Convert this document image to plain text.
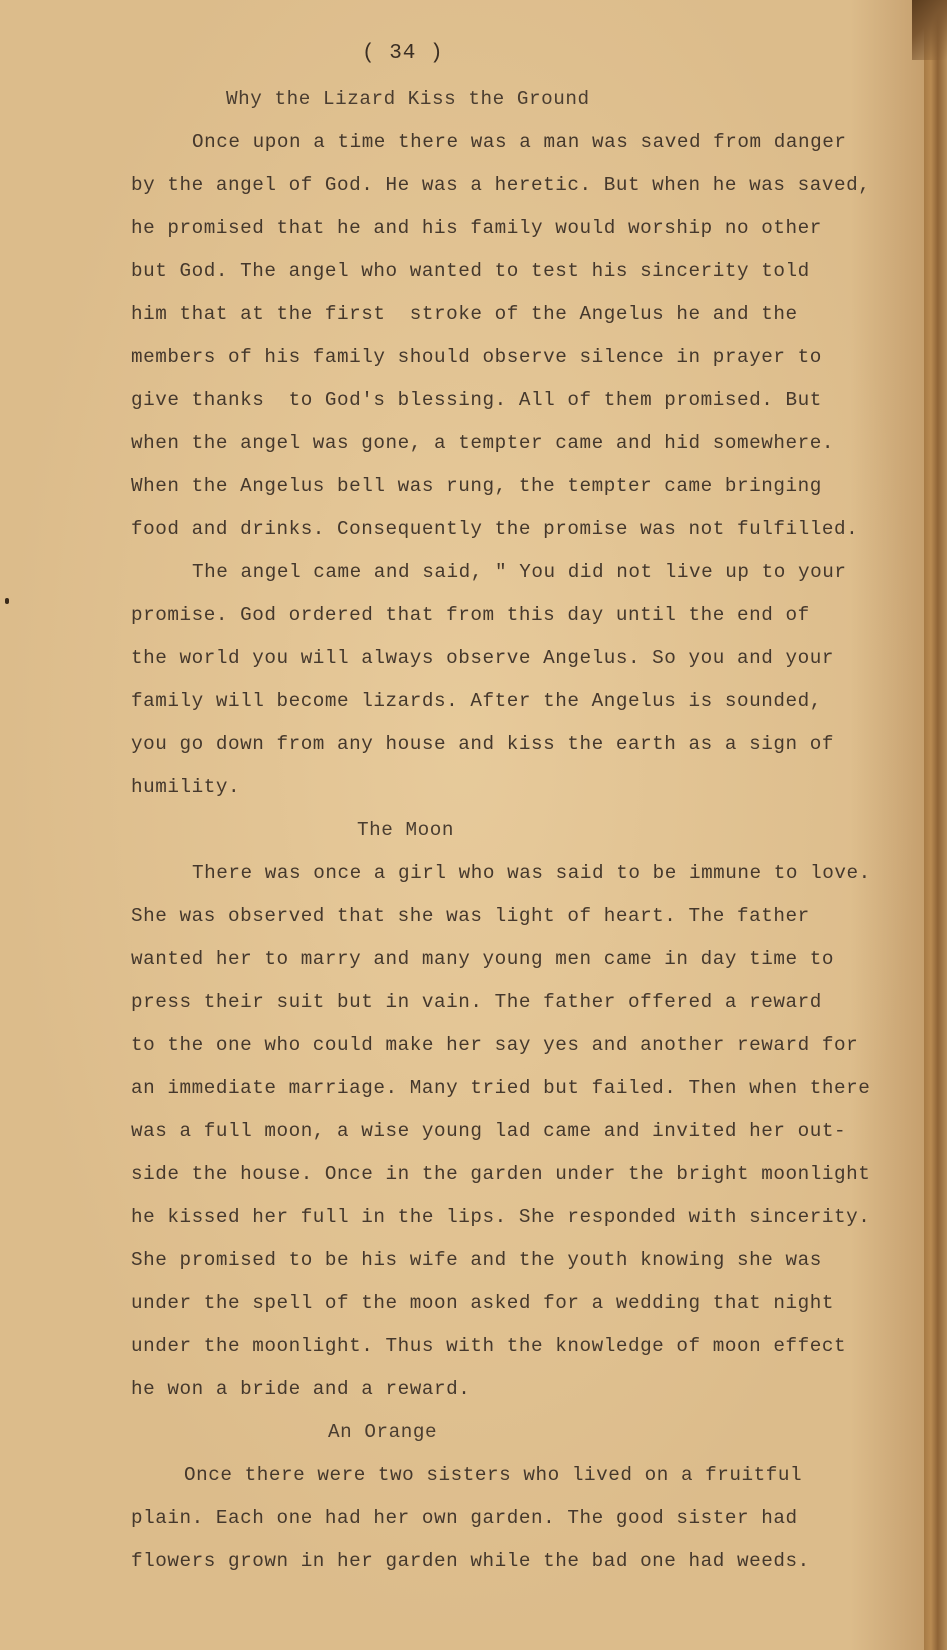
( 34 )
Why the Lizard Kiss the Ground
Once upon a time there was a man was saved from danger
by the angel of God. He was a heretic. But when he was saved,
he promised that he and his family would worship no other
but God. The angel who wanted to test his sincerity told
him that at the first  stroke of the Angelus he and the
members of his family should observe silence in prayer to
give thanks  to God's blessing. All of them promised. But
when the angel was gone, a tempter came and hid somewhere.
When the Angelus bell was rung, the tempter came bringing
food and drinks. Consequently the promise was not fulfilled.
The angel came and said, " You did not live up to your
promise. God ordered that from this day until the end of
the world you will always observe Angelus. So you and your
family will become lizards. After the Angelus is sounded,
you go down from any house and kiss the earth as a sign of
humility.
The Moon
There was once a girl who was said to be immune to love.
She was observed that she was light of heart. The father
wanted her to marry and many young men came in day time to
press their suit but in vain. The father offered a reward
to the one who could make her say yes and another reward for
an immediate marriage. Many tried but failed. Then when there
was a full moon, a wise young lad came and invited her out-
side the house. Once in the garden under the bright moonlight
he kissed her full in the lips. She responded with sincerity.
She promised to be his wife and the youth knowing she was
under the spell of the moon asked for a wedding that night
under the moonlight. Thus with the knowledge of moon effect
he won a bride and a reward.
An Orange
Once there were two sisters who lived on a fruitful
plain. Each one had her own garden. The good sister had
flowers grown in her garden while the bad one had weeds.
